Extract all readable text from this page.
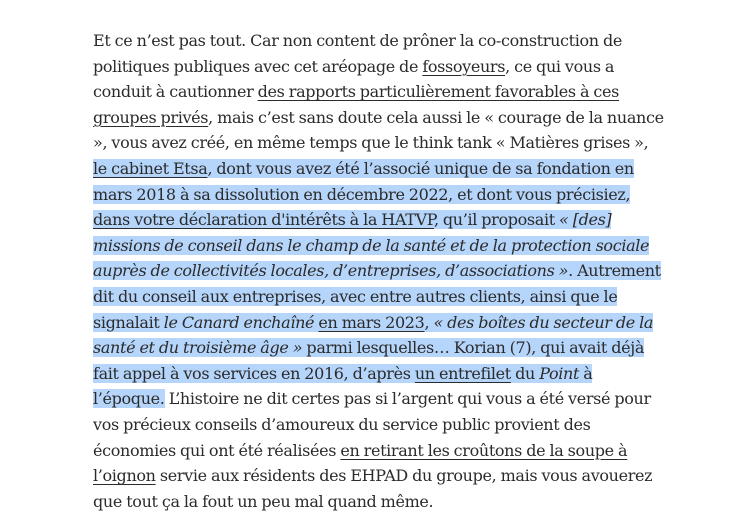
Et ce n’est pas tout. Car non content de prôner la co-construction de politiques publiques avec cet aréopage de fossoyeurs, ce qui vous a conduit à cautionner des rapports particulièrement favorables à ces groupes privés, mais c’est sans doute cela aussi le « courage de la nuance », vous avez créé, en même temps que le think tank « Matières grises », le cabinet Etsa, dont vous avez été l’associé unique de sa fondation en mars 2018 à sa dissolution en décembre 2022, et dont vous précisiez, dans votre déclaration d'intérêts à la HATVP, qu’il proposait « [des] missions de conseil dans le champ de la santé et de la protection sociale auprès de collectivités locales, d’entreprises, d’associations ». Autrement dit du conseil aux entreprises, avec entre autres clients, ainsi que le signalait le Canard enchaîné en mars 2023, « des boîtes du secteur de la santé et du troisième âge » parmi lesquelles… Korian (7), qui avait déjà fait appel à vos services en 2016, d’après un entrefilet du Point à l’époque. L’histoire ne dit certes pas si l’argent qui vous a été versé pour vos précieux conseils d’amoureux du service public provient des économies qui ont été réalisées en retirant les croûtons de la soupe à l’oignon servie aux résidents des EHPAD du groupe, mais vous avouerez que tout ça la fout un peu mal quand même.
